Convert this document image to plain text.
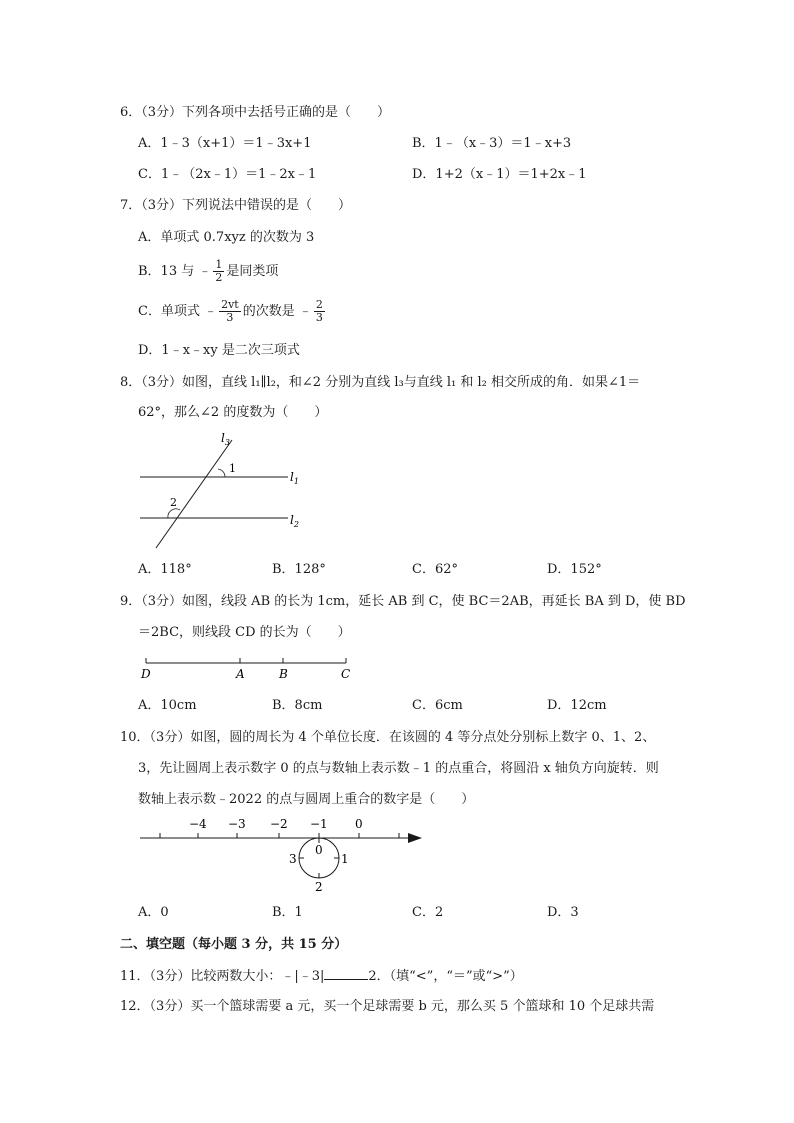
6．（3分）下列各项中去括号正确的是（　　）
A．1﹣3（x+1）＝1﹣3x+1	B．1﹣（x﹣3）＝1﹣x+3
C．1﹣（2x﹣1）＝1﹣2x﹣1	D．1+2（x﹣1）＝1+2x﹣1
7．（3分）下列说法中错误的是（　　）
A．单项式 0.7xyz 的次数为 3
B．13 与 ﹣ $\frac{1}{2}$ 是同类项
C．单项式 ﹣ $\frac{2vt}{3}$ 的次数是 ﹣ $\frac{2}{3}$
D．1﹣x﹣xy 是二次三项式
8．（3分）如图，直线 l₁∥l₂，和∠2 分别为直线 l₃与直线 l₁ 和 l₂ 相交所成的角．如果∠1＝
62°，那么∠2 的度数为（　　）
$l_3$
$l_1$
$l_2$
1
2
A．118°	B．128°	C．62°	D．152°
9．（3分）如图，线段 AB 的长为 1cm，延长 AB 到 C，使 BC＝2AB，再延长 BA 到 D，使 BD
＝2BC，则线段 CD 的长为（　　）
D	A	B	C
A．10cm	B．8cm	C．6cm	D．12cm
10．（3分）如图，圆的周长为 4 个单位长度．在该圆的 4 等分点处分别标上数字 0、1、2、
3，先让圆周上表示数字 0 的点与数轴上表示数﹣1 的点重合，将圆沿 x 轴负方向旋转．则
数轴上表示数﹣2022 的点与圆周上重合的数字是（　　）
−4 −3 −2 −1 0
0
1
2
3
A．0	B．1	C．2	D．3
二、填空题（每小题 3 分，共 15 分）
11．（3分）比较两数大小：﹣|﹣3|	2．（填“<”，“＝”或“>”）
12．（3分）买一个篮球需要 a 元，买一个足球需要 b 元，那么买 5 个篮球和 10 个足球共需
